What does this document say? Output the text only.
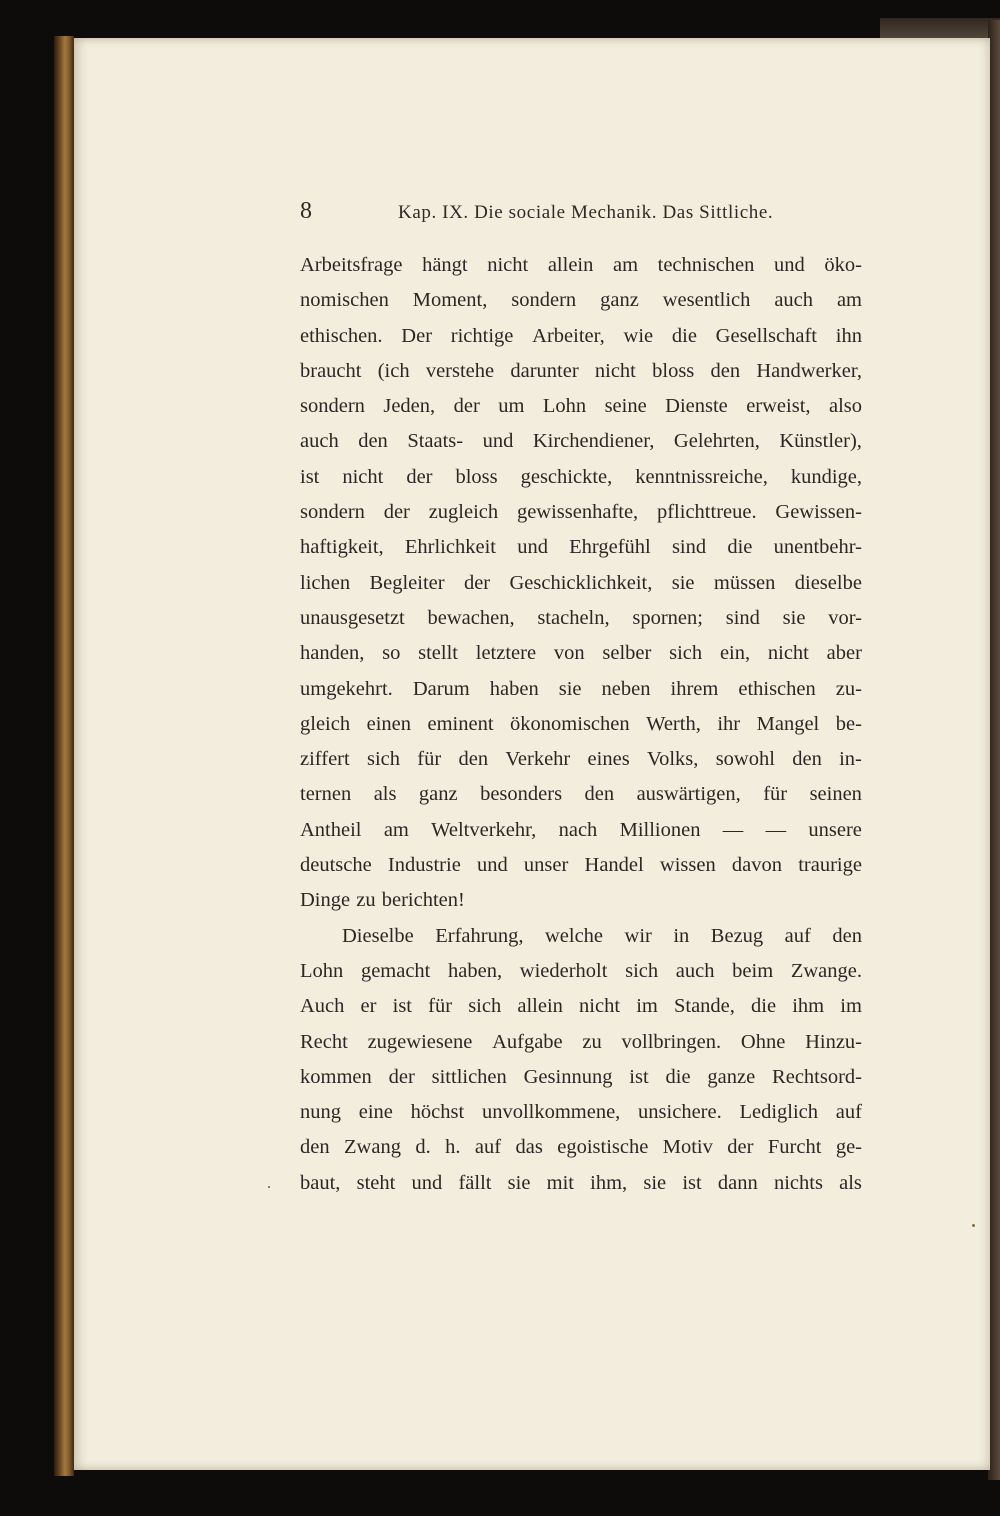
8	Kap. IX. Die sociale Mechanik. Das Sittliche.
Arbeitsfrage hängt nicht allein am technischen und öko-
nomischen Moment, sondern ganz wesentlich auch am
ethischen. Der richtige Arbeiter, wie die Gesellschaft ihn
braucht (ich verstehe darunter nicht bloss den Handwerker,
sondern Jeden, der um Lohn seine Dienste erweist, also
auch den Staats- und Kirchendiener, Gelehrten, Künstler),
ist nicht der bloss geschickte, kenntnissreiche, kundige,
sondern der zugleich gewissenhafte, pflichttreue. Gewissen-
haftigkeit, Ehrlichkeit und Ehrgefühl sind die unentbehr-
lichen Begleiter der Geschicklichkeit, sie müssen dieselbe
unausgesetzt bewachen, stacheln, spornen; sind sie vor-
handen, so stellt letztere von selber sich ein, nicht aber
umgekehrt. Darum haben sie neben ihrem ethischen zu-
gleich einen eminent ökonomischen Werth, ihr Mangel be-
ziffert sich für den Verkehr eines Volks, sowohl den in-
ternen als ganz besonders den auswärtigen, für seinen
Antheil am Weltverkehr, nach Millionen — — unsere
deutsche Industrie und unser Handel wissen davon traurige
Dinge zu berichten!
Dieselbe Erfahrung, welche wir in Bezug auf den
Lohn gemacht haben, wiederholt sich auch beim Zwange.
Auch er ist für sich allein nicht im Stande, die ihm im
Recht zugewiesene Aufgabe zu vollbringen. Ohne Hinzu-
kommen der sittlichen Gesinnung ist die ganze Rechtsord-
nung eine höchst unvollkommene, unsichere. Lediglich auf
den Zwang d. h. auf das egoistische Motiv der Furcht ge-
baut, steht und fällt sie mit ihm, sie ist dann nichts als
